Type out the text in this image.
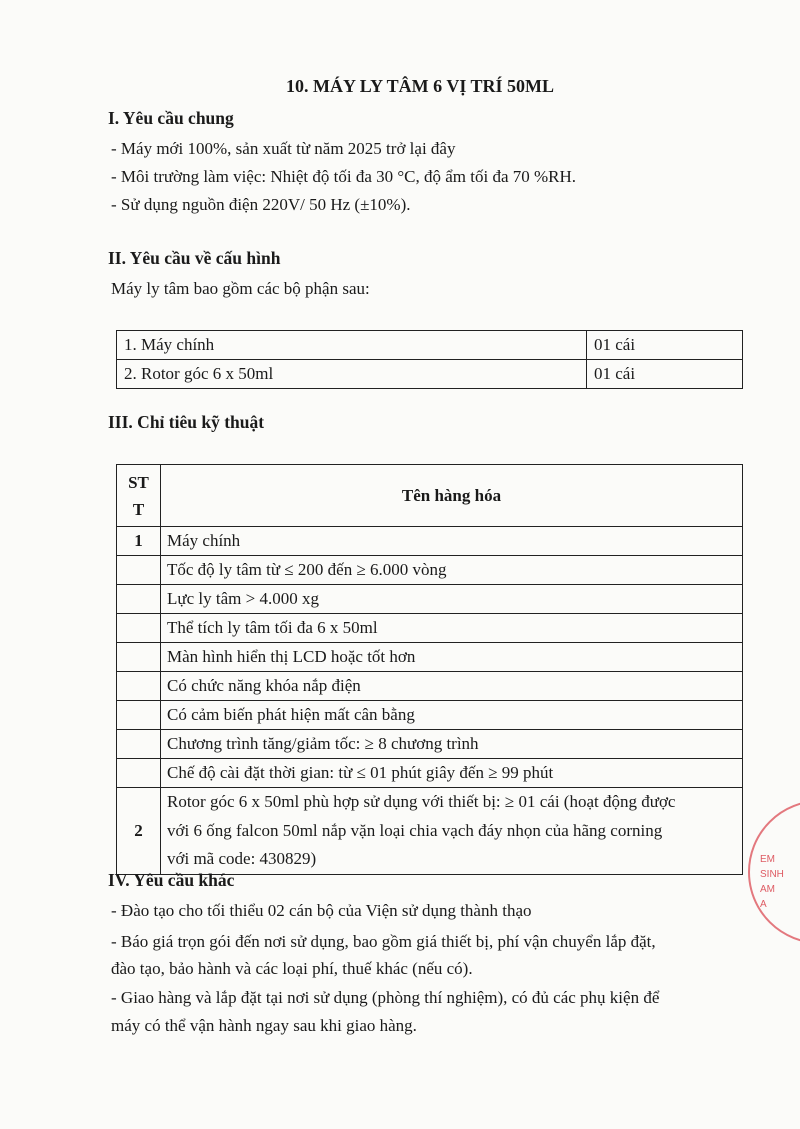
10. MÁY LY TÂM 6 VỊ TRÍ 50ML
I. Yêu cầu chung
- Máy mới 100%, sản xuất từ năm 2025 trở lại đây
- Môi trường làm việc: Nhiệt độ tối đa 30 °C, độ ẩm tối đa 70 %RH.
- Sử dụng nguồn điện 220V/ 50 Hz (±10%).
II. Yêu cầu về cấu hình
Máy ly tâm bao gồm các bộ phận sau:
1. Máy chính	01 cái
2. Rotor góc 6 x 50ml	01 cái
III. Chỉ tiêu kỹ thuật
ST
T	Tên hàng hóa
1	Máy chính
	Tốc độ ly tâm từ ≤ 200 đến ≥ 6.000 vòng
	Lực ly tâm > 4.000 xg
	Thể tích ly tâm tối đa 6 x 50ml
	Màn hình hiển thị LCD hoặc tốt hơn
	Có chức năng khóa nắp điện
	Có cảm biến phát hiện mất cân bằng
	Chương trình tăng/giảm tốc: ≥ 8 chương trình
	Chế độ cài đặt thời gian: từ ≤ 01 phút giây đến ≥ 99 phút
2	Rotor góc 6 x 50ml phù hợp sử dụng với thiết bị: ≥ 01 cái (hoạt động được
với 6 ống falcon 50ml nắp vặn loại chia vạch đáy nhọn của hãng corning
với mã code: 430829)
IV. Yêu cầu khác
- Đào tạo cho tối thiểu 02 cán bộ của Viện sử dụng thành thạo
- Báo giá trọn gói đến nơi sử dụng, bao gồm giá thiết bị, phí vận chuyển lắp đặt,
đào tạo, bảo hành và các loại phí, thuế khác (nếu có).
- Giao hàng và lắp đặt tại nơi sử dụng (phòng thí nghiệm), có đủ các phụ kiện để
máy có thể vận hành ngay sau khi giao hàng.
EM
SINH
AM
A
